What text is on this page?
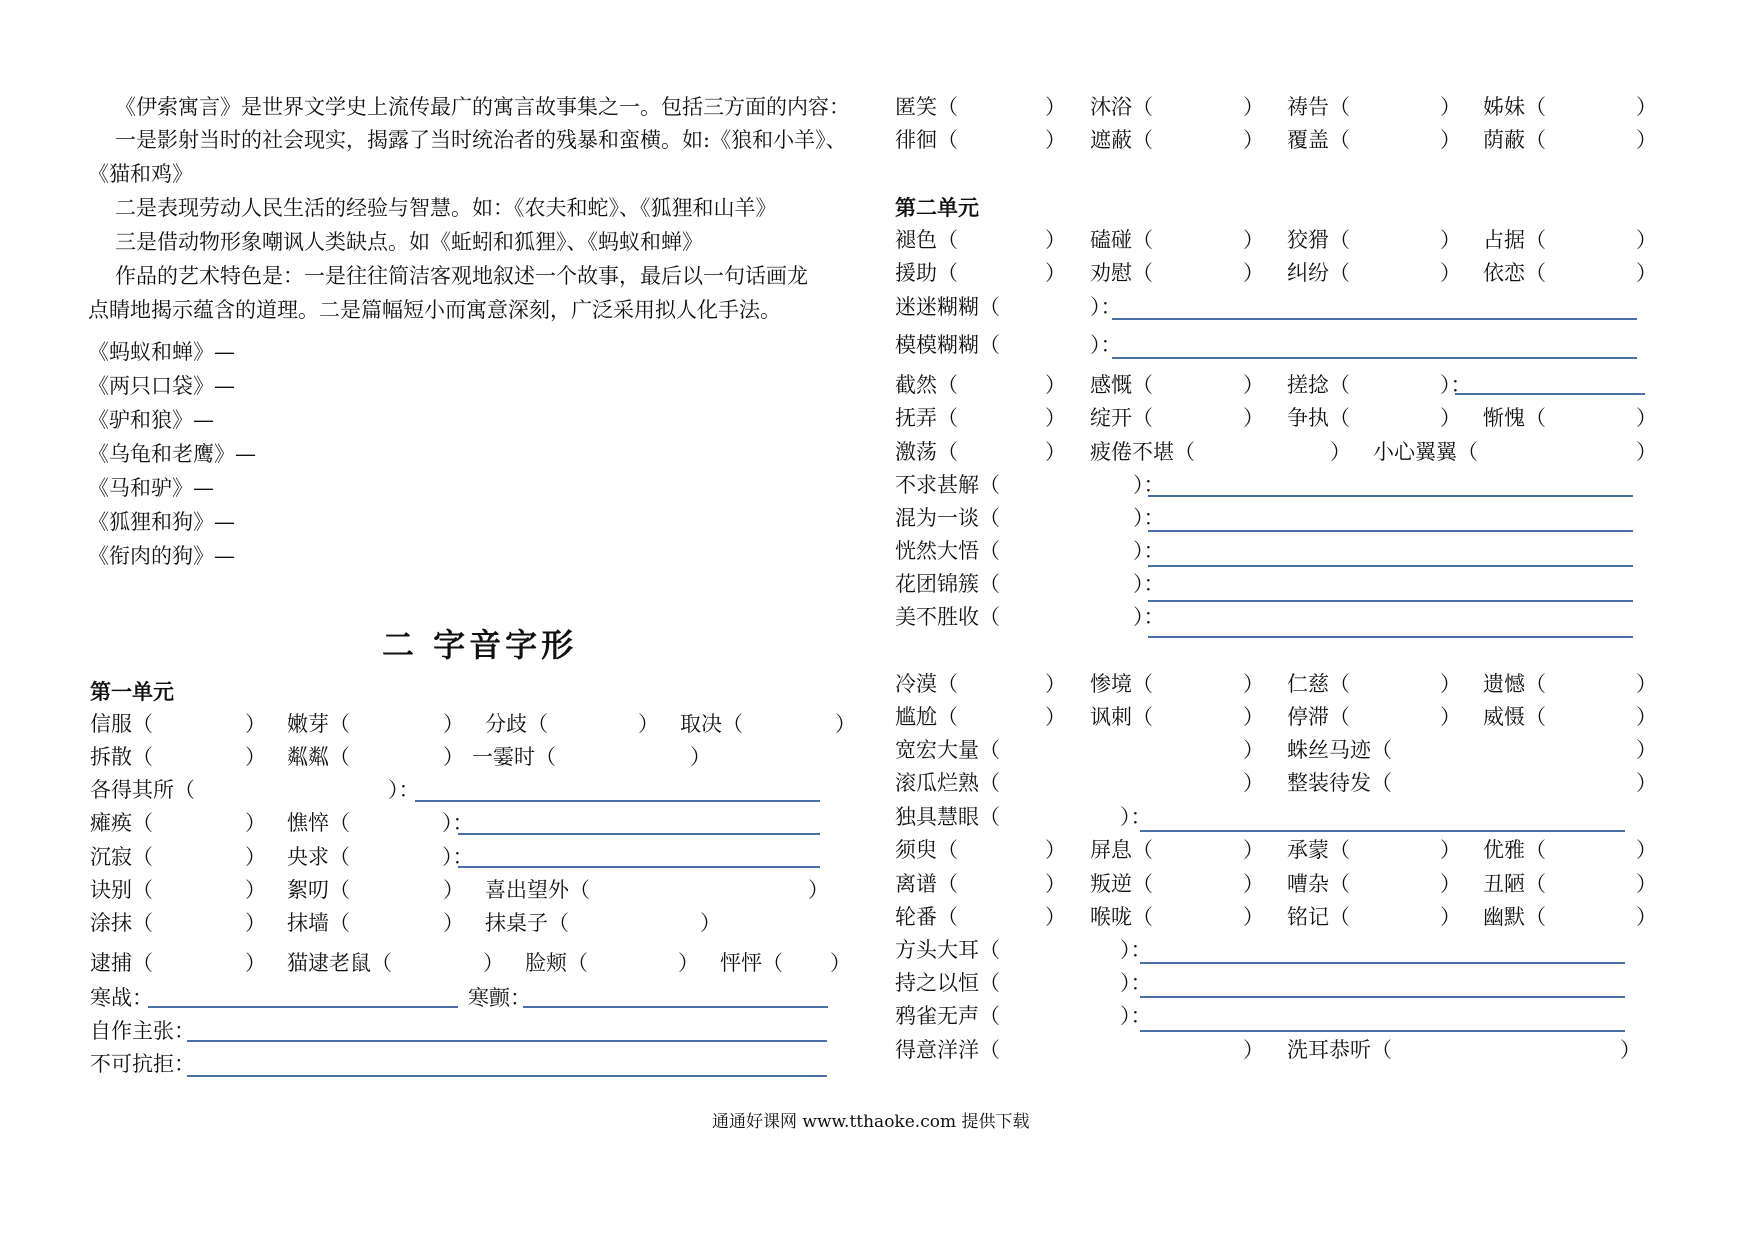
《伊索寓言》是世界文学史上流传最广的寓言故事集之一。包括三方面的内容：
一是影射当时的社会现实，揭露了当时统治者的残暴和蛮横。如:《狼和小羊》、
《猫和鸡》
二是表现劳动人民生活的经验与智慧。如：《农夫和蛇》、《狐狸和山羊》
三是借动物形象嘲讽人类缺点。如《蚯蚓和狐狸》、《蚂蚁和蝉》
作品的艺术特色是：一是往往简洁客观地叙述一个故事，最后以一句话画龙
点睛地揭示蕴含的道理。二是篇幅短小而寓意深刻，广泛采用拟人化手法。
《蚂蚁和蝉》—
《两只口袋》—
《驴和狼》—
《乌龟和老鹰》—
《马和驴》—
《狐狸和狗》—
《衔肉的狗》—
二 字音字形
第一单元
信服（	） 嫩芽（	） 分歧（	） 取决（	）
拆散（	） 粼粼（	） 一霎时（	）
各得其所（	）：
瘫痪（	） 憔悴（	）：
沉寂（	） 央求（	）：
诀别（	） 絮叨（	） 喜出望外（	）
涂抹（	） 抹墙（	） 抹桌子（	）
逮捕（	） 猫逮老鼠（	） 脸颊（	） 怦怦（ ）
寒战：	寒颤：
自作主张：
不可抗拒：
匿笑（	） 沐浴（	） 祷告（	） 姊妹（	）
徘徊（	） 遮蔽（	） 覆盖（	） 荫蔽（	）
第二单元
褪色（	） 磕碰（	） 狡猾（	） 占据（	）
援助（	） 劝慰（	） 纠纷（	） 依恋（	）
迷迷糊糊（	）：
模模糊糊（	）：
截然（	） 感慨（	） 搓捻（	）：
抚弄（	） 绽开（	） 争执（	） 惭愧（	）
激荡（	） 疲倦不堪（	） 小心翼翼（	）
不求甚解（	）：
混为一谈（	）：
恍然大悟（	）：
花团锦簇（	）：
美不胜收（	）：
冷漠（	） 惨境（	） 仁慈（	） 遗憾（	）
尴尬（	） 讽刺（	） 停滞（	） 威慑（	）
宽宏大量（	） 蛛丝马迹（	）
滚瓜烂熟（	） 整装待发（	）
独具慧眼（	）：
须臾（	） 屏息（	） 承蒙（	） 优雅（	）
离谱（	） 叛逆（	） 嘈杂（	） 丑陋（	）
轮番（	） 喉咙（	） 铭记（	） 幽默（	）
方头大耳（	）：
持之以恒（	）：
鸦雀无声（	）：
得意洋洋（	） 洗耳恭听（	）
通通好课网 www.tthaoke.com 提供下载
